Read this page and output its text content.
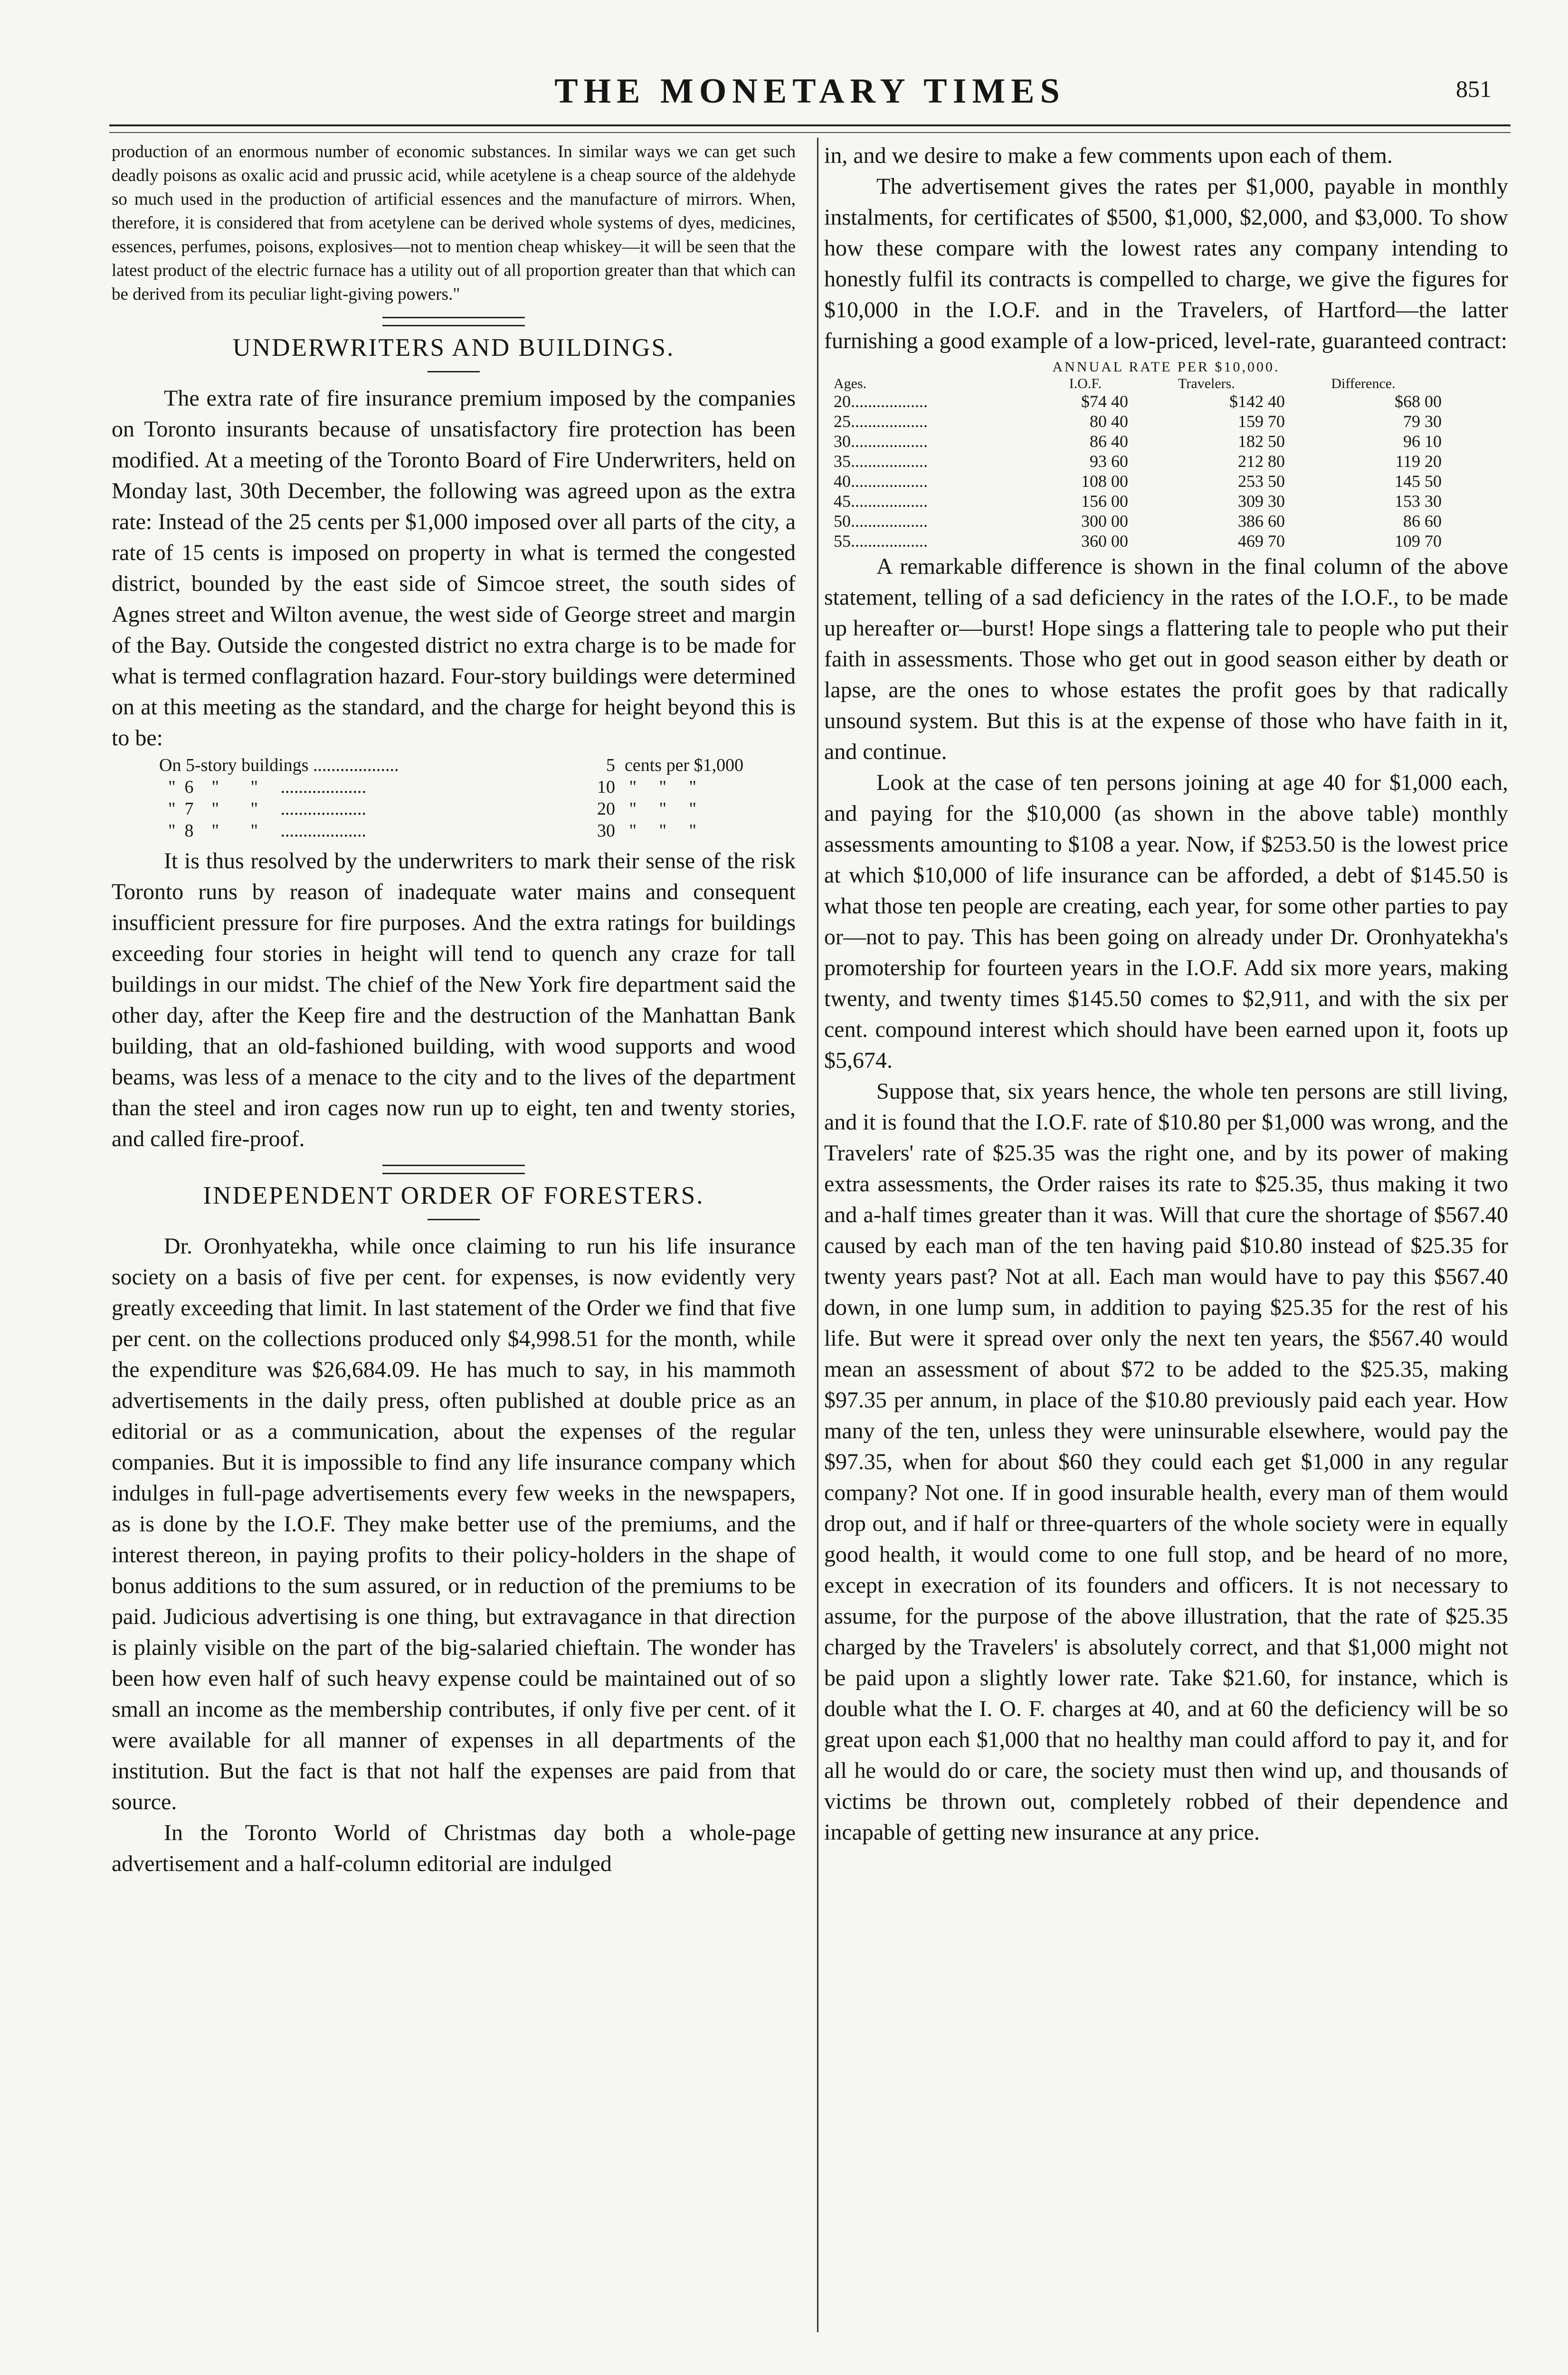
THE MONETARY TIMES	851

production of an enormous number of economic substances. In similar ways we can get such deadly poisons as oxalic acid and prussic acid, while acetylene is a cheap source of the aldehyde so much used in the production of artificial essences and the manufacture of mirrors. When, therefore, it is considered that from acetylene can be derived whole systems of dyes, medicines, essences, perfumes, poisons, explosives—not to mention cheap whiskey—it will be seen that the latest product of the electric furnace has a utility out of all proportion greater than that which can be derived from its peculiar light-giving powers."

UNDERWRITERS AND BUILDINGS.

The extra rate of fire insurance premium imposed by the companies on Toronto insurants because of unsatisfactory fire protection has been modified. At a meeting of the Toronto Board of Fire Underwriters, held on Monday last, 30th December, the following was agreed upon as the extra rate: Instead of the 25 cents per $1,000 imposed over all parts of the city, a rate of 15 cents is imposed on property in what is termed the congested district, bounded by the east side of Simcoe street, the south sides of Agnes street and Wilton avenue, the west side of George street and margin of the Bay. Outside the congested district no extra charge is to be made for what is termed conflagration hazard. Four-story buildings were determined on at this meeting as the standard, and the charge for height beyond this is to be:

On 5-story buildings ...................	5 cents per $1,000
"  6    "       "     ...................	10 "     "     "
"  7    "       "     ...................	20 "     "     "
"  8    "       "     ...................	30 "     "     "

It is thus resolved by the underwriters to mark their sense of the risk Toronto runs by reason of inadequate water mains and consequent insufficient pressure for fire purposes. And the extra ratings for buildings exceeding four stories in height will tend to quench any craze for tall buildings in our midst. The chief of the New York fire department said the other day, after the Keep fire and the destruction of the Manhattan Bank building, that an old-fashioned building, with wood supports and wood beams, was less of a menace to the city and to the lives of the department than the steel and iron cages now run up to eight, ten and twenty stories, and called fire-proof.

INDEPENDENT ORDER OF FORESTERS.

Dr. Oronhyatekha, while once claiming to run his life insurance society on a basis of five per cent. for expenses, is now evidently very greatly exceeding that limit. In last statement of the Order we find that five per cent. on the collections produced only $4,998.51 for the month, while the expenditure was $26,684.09. He has much to say, in his mammoth advertisements in the daily press, often published at double price as an editorial or as a communication, about the expenses of the regular companies. But it is impossible to find any life insurance company which indulges in full-page advertisements every few weeks in the newspapers, as is done by the I.O.F. They make better use of the premiums, and the interest thereon, in paying profits to their policy-holders in the shape of bonus additions to the sum assured, or in reduction of the premiums to be paid. Judicious advertising is one thing, but extravagance in that direction is plainly visible on the part of the big-salaried chieftain. The wonder has been how even half of such heavy expense could be maintained out of so small an income as the membership contributes, if only five per cent. of it were available for all manner of expenses in all departments of the institution. But the fact is that not half the expenses are paid from that source.

In the Toronto World of Christmas day both a whole-page advertisement and a half-column editorial are indulged

in, and we desire to make a few comments upon each of them.

The advertisement gives the rates per $1,000, payable in monthly instalments, for certificates of $500, $1,000, $2,000, and $3,000. To show how these compare with the lowest rates any company intending to honestly fulfil its contracts is compelled to charge, we give the figures for $10,000 in the I.O.F. and in the Travelers, of Hartford—the latter furnishing a good example of a low-priced, level-rate, guaranteed contract:

ANNUAL RATE PER $10,000.
Ages.	I.O.F.	Travelers.	Difference.
20..................	$74 40	$142 40	$68 00
25..................	80 40	159 70	79 30
30..................	86 40	182 50	96 10
35..................	93 60	212 80	119 20
40..................	108 00	253 50	145 50
45..................	156 00	309 30	153 30
50..................	300 00	386 60	86 60
55..................	360 00	469 70	109 70

A remarkable difference is shown in the final column of the above statement, telling of a sad deficiency in the rates of the I.O.F., to be made up hereafter or—burst! Hope sings a flattering tale to people who put their faith in assessments. Those who get out in good season either by death or lapse, are the ones to whose estates the profit goes by that radically unsound system. But this is at the expense of those who have faith in it, and continue.

Look at the case of ten persons joining at age 40 for $1,000 each, and paying for the $10,000 (as shown in the above table) monthly assessments amounting to $108 a year. Now, if $253.50 is the lowest price at which $10,000 of life insurance can be afforded, a debt of $145.50 is what those ten people are creating, each year, for some other parties to pay or—not to pay. This has been going on already under Dr. Oronhyatekha's promotership for fourteen years in the I.O.F. Add six more years, making twenty, and twenty times $145.50 comes to $2,911, and with the six per cent. compound interest which should have been earned upon it, foots up $5,674.

Suppose that, six years hence, the whole ten persons are still living, and it is found that the I.O.F. rate of $10.80 per $1,000 was wrong, and the Travelers' rate of $25.35 was the right one, and by its power of making extra assessments, the Order raises its rate to $25.35, thus making it two and a-half times greater than it was. Will that cure the shortage of $567.40 caused by each man of the ten having paid $10.80 instead of $25.35 for twenty years past? Not at all. Each man would have to pay this $567.40 down, in one lump sum, in addition to paying $25.35 for the rest of his life. But were it spread over only the next ten years, the $567.40 would mean an assessment of about $72 to be added to the $25.35, making $97.35 per annum, in place of the $10.80 previously paid each year. How many of the ten, unless they were uninsurable elsewhere, would pay the $97.35, when for about $60 they could each get $1,000 in any regular company? Not one. If in good insurable health, every man of them would drop out, and if half or three-quarters of the whole society were in equally good health, it would come to one full stop, and be heard of no more, except in execration of its founders and officers. It is not necessary to assume, for the purpose of the above illustration, that the rate of $25.35 charged by the Travelers' is absolutely correct, and that $1,000 might not be paid upon a slightly lower rate. Take $21.60, for instance, which is double what the I. O. F. charges at 40, and at 60 the deficiency will be so great upon each $1,000 that no healthy man could afford to pay it, and for all he would do or care, the society must then wind up, and thousands of victims be thrown out, completely robbed of their dependence and incapable of getting new insurance at any price.
